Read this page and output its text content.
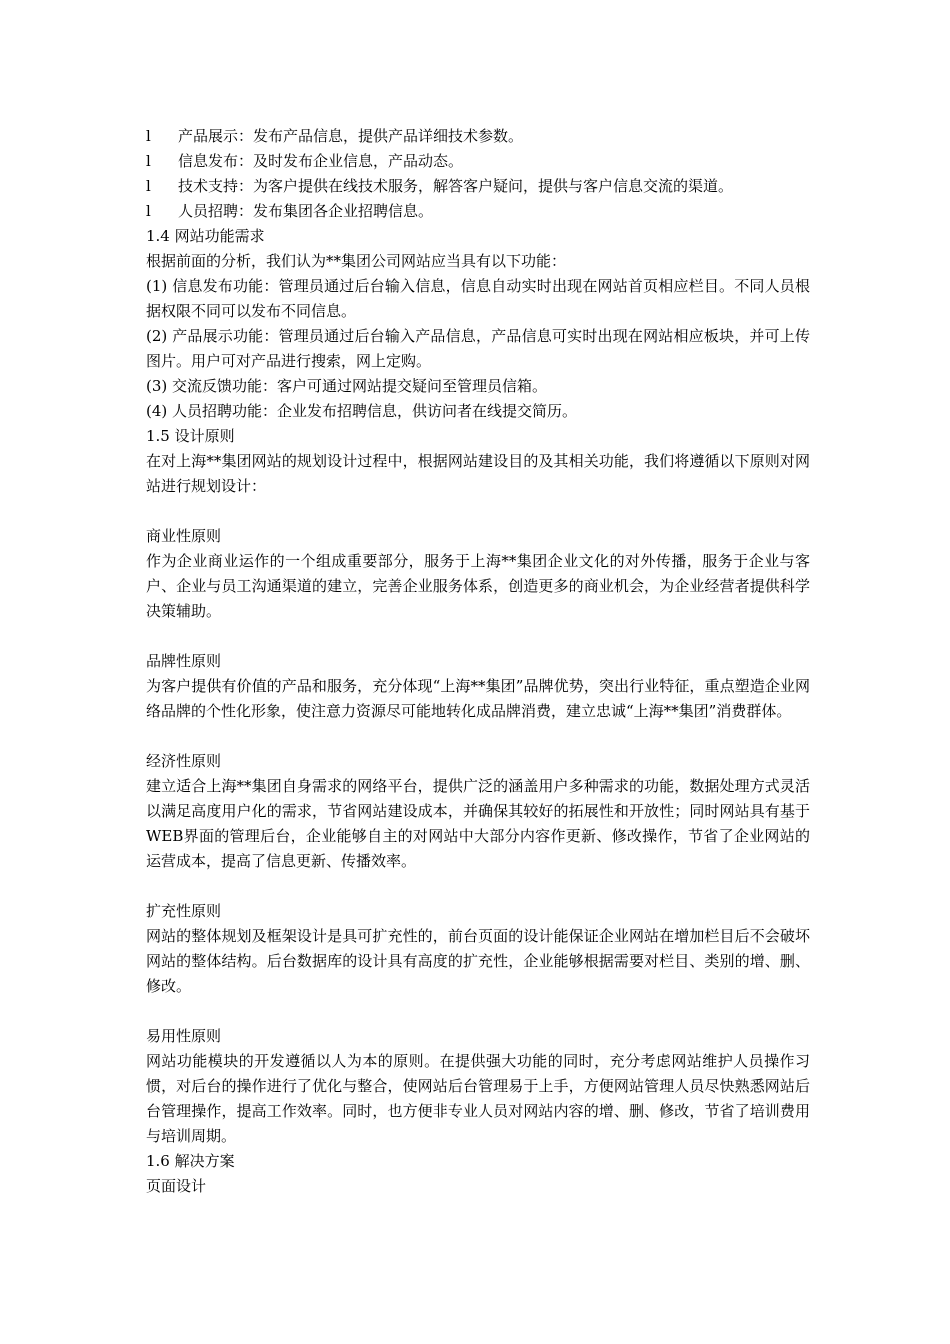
l	产品展示：发布产品信息，提供产品详细技术参数。
l	信息发布：及时发布企业信息，产品动态。
l	技术支持：为客户提供在线技术服务，解答客户疑问，提供与客户信息交流的渠道。
l	人员招聘：发布集团各企业招聘信息。

1.4 网站功能需求

根据前面的分析，我们认为**集团公司网站应当具有以下功能：

(1) 信息发布功能：管理员通过后台输入信息，信息自动实时出现在网站首页相应栏目。不同人员根据权限不同可以发布不同信息。

(2) 产品展示功能：管理员通过后台输入产品信息，产品信息可实时出现在网站相应板块，并可上传图片。用户可对产品进行搜索，网上定购。

(3) 交流反馈功能：客户可通过网站提交疑问至管理员信箱。

(4) 人员招聘功能：企业发布招聘信息，供访问者在线提交简历。

1.5 设计原则

在对上海**集团网站的规划设计过程中，根据网站建设目的及其相关功能，我们将遵循以下原则对网站进行规划设计：

商业性原则

作为企业商业运作的一个组成重要部分，服务于上海**集团企业文化的对外传播，服务于企业与客户、企业与员工沟通渠道的建立，完善企业服务体系，创造更多的商业机会，为企业经营者提供科学决策辅助。

品牌性原则

为客户提供有价值的产品和服务，充分体现“上海**集团”品牌优势，突出行业特征，重点塑造企业网络品牌的个性化形象，使注意力资源尽可能地转化成品牌消费，建立忠诚“上海**集团”消费群体。

经济性原则

建立适合上海**集团自身需求的网络平台，提供广泛的涵盖用户多种需求的功能，数据处理方式灵活以满足高度用户化的需求，节省网站建设成本，并确保其较好的拓展性和开放性；同时网站具有基于WEB界面的管理后台，企业能够自主的对网站中大部分内容作更新、修改操作，节省了企业网站的运营成本，提高了信息更新、传播效率。

扩充性原则

网站的整体规划及框架设计是具可扩充性的，前台页面的设计能保证企业网站在增加栏目后不会破坏网站的整体结构。后台数据库的设计具有高度的扩充性，企业能够根据需要对栏目、类别的增、删、修改。

易用性原则

网站功能模块的开发遵循以人为本的原则。在提供强大功能的同时，充分考虑网站维护人员操作习惯，对后台的操作进行了优化与整合，使网站后台管理易于上手，方便网站管理人员尽快熟悉网站后台管理操作，提高工作效率。同时，也方便非专业人员对网站内容的增、删、修改，节省了培训费用与培训周期。

1.6 解决方案

页面设计
